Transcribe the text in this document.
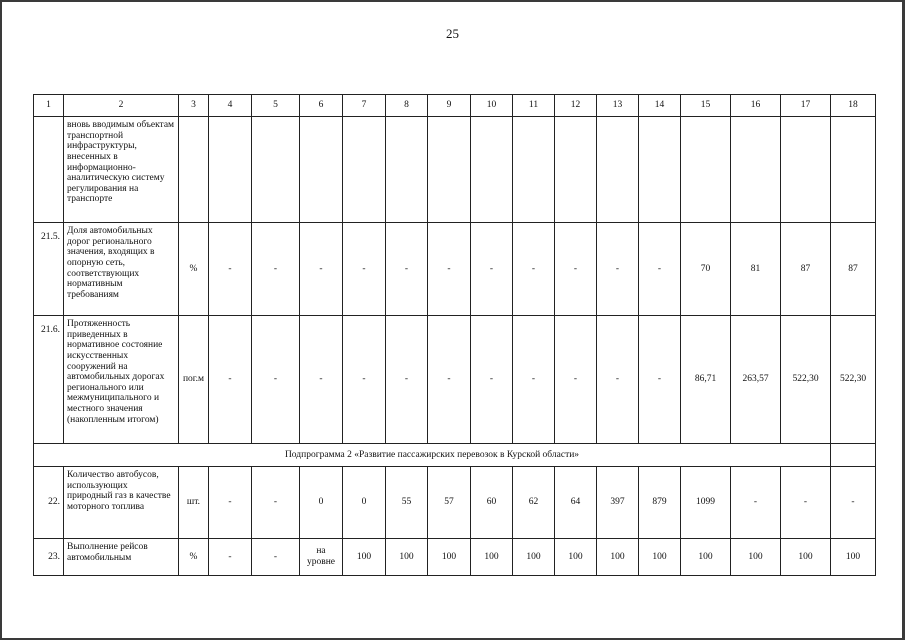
25
1	2	3	4	5	6	7	8	9	10	11	12	13	14	15	16	17	18
	вновь вводимым объектам транспортной инфраструктуры, внесенных в информационно-аналитическую систему регулирования на транспорте																
21.5.	Доля автомобильных дорог регионального значения, входящих в опорную сеть, соответствующих нормативным требованиям	%	-	-	-	-	-	-	-	-	-	-	-	70	81	87	87
21.6.	Протяженность приведенных в нормативное состояние искусственных сооружений на автомобильных дорогах регионального или межмуниципального и местного значения (накопленным итогом)	пог.м	-	-	-	-	-	-	-	-	-	-	-	86,71	263,57	522,30	522,30
Подпрограмма 2 «Развитие пассажирских перевозок в Курской области»																	
22.	Количество автобусов, использующих природный газ в качестве моторного топлива	шт.	-	-	0	0	55	57	60	62	64	397	879	1099	-	-	-
23.	Выполнение рейсов автомобильным	%	-	-	на уровне	100	100	100	100	100	100	100	100	100	100	100	100
